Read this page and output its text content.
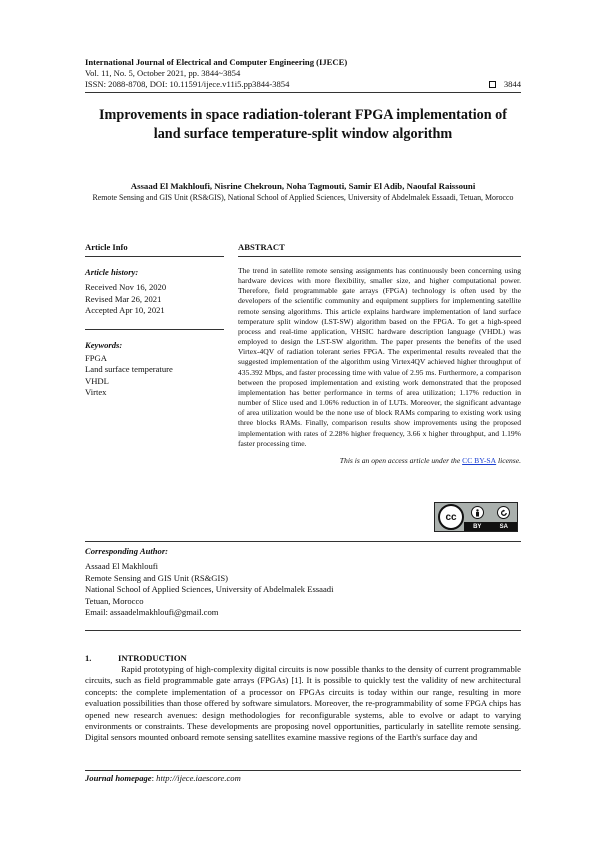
International Journal of Electrical and Computer Engineering (IJECE)
Vol. 11, No. 5, October 2021, pp. 3844~3854
ISSN: 2088-8708, DOI: 10.11591/ijece.v11i5.pp3844-3854	3844
Improvements in space radiation-tolerant FPGA implementation of land surface temperature-split window algorithm
Assaad El Makhloufi, Nisrine Chekroun, Noha Tagmouti, Samir El Adib, Naoufal Raissouni
Remote Sensing and GIS Unit (RS&GIS), National School of Applied Sciences, University of Abdelmalek Essaadi, Tetuan, Morocco
Article Info
Article history:
Received Nov 16, 2020
Revised Mar 26, 2021
Accepted Apr 10, 2021
Keywords:
FPGA
Land surface temperature
VHDL
Virtex
ABSTRACT
The trend in satellite remote sensing assignments has continuously been concerning using hardware devices with more flexibility, smaller size, and higher computational power. Therefore, field programmable gate arrays (FPGA) technology is often used by the developers of the scientific community and equipment suppliers for implementing satellite remote sensing algorithms. This article explains hardware implementation of land surface temperature split window (LST-SW) algorithm based on the FPGA. To get a high-speed process and real-time application, VHSIC hardware description language (VHDL) was employed to design the LST-SW algorithm. The paper presents the benefits of the used Virtex-4QV of radiation tolerant series FPGA. The experimental results revealed that the suggested implementation of the algorithm using Virtex4QV achieved higher throughput of 435.392 Mbps, and faster processing time with value of 2.95 ms. Furthermore, a comparison between the proposed implementation and existing work demonstrated that the proposed implementation has better performance in terms of area utilization; 1.17% reduction in number of Slice used and 1.06% reduction in of LUTs. Moreover, the significant advantage of area utilization would be the none use of block RAMs comparing to existing work using three blocks RAMs. Finally, comparison results show improvements using the proposed implementation with rates of 2.28% higher frequency, 3.66 x higher throughput, and 1.19% faster processing time.
This is an open access article under the CC BY-SA license.
cc
BY	SA
Corresponding Author:
Assaad El Makhloufi
Remote Sensing and GIS Unit (RS&GIS)
National School of Applied Sciences, University of Abdelmalek Essaadi
Tetuan, Morocco
Email: assaadelmakhloufi@gmail.com
1.	INTRODUCTION
Rapid prototyping of high-complexity digital circuits is now possible thanks to the density of current programmable circuits, such as field programmable gate arrays (FPGAs) [1]. It is possible to quickly test the validity of new architectural concepts: the complete implementation of a processor on FPGAs circuits is today within our range, resulting in more evaluation possibilities than those offered by software simulators. Moreover, the re-programmability of some FPGA chips has opened new research avenues: design methodologies for reconfigurable systems, able to evolve or adapt to varying environments or constraints. These developments are proposing novel opportunities, particularly in satellite remote sensing. Digital sensors mounted onboard remote sensing satellites examine massive regions of the Earth's surface day and
Journal homepage: http://ijece.iaescore.com
